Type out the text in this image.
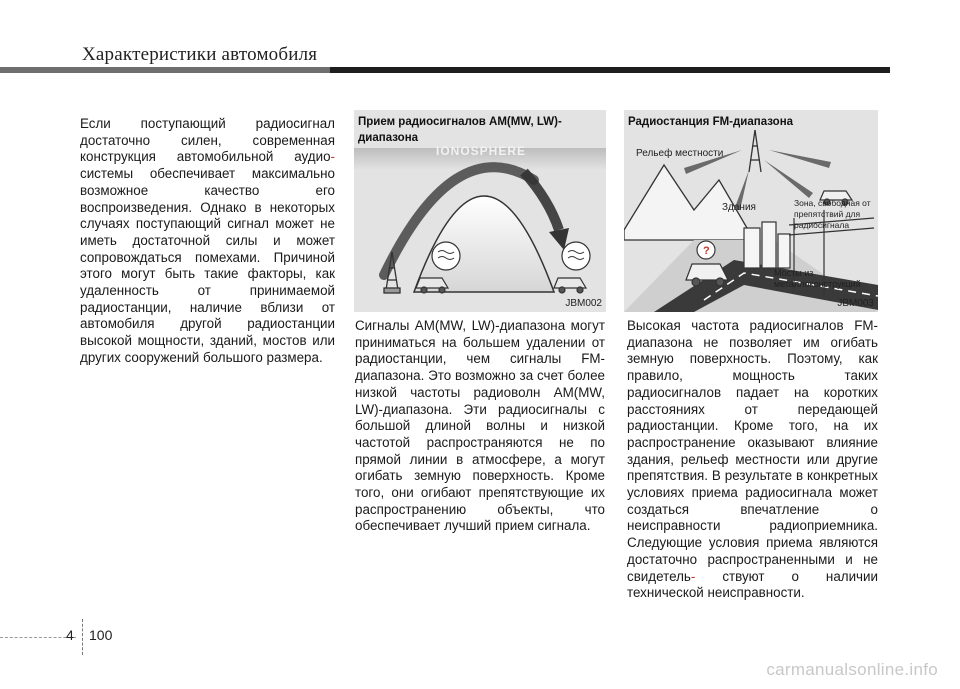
Характеристики автомобиля
Если поступающий радиосигнал достаточно силен, современная конструкция автомобильной аудио- системы обеспечивает максимально возможное качество его воспроизведения. Однако в некоторых случаях поступающий сигнал может не иметь достаточной силы и может сопровождаться помехами. Причиной этого могут быть такие факторы, как удаленность от принимаемой радиостанции, наличие вблизи от автомобиля другой радиостанции высокой мощности, зданий, мостов или других сооружений большого размера.
Прием радиосигналов AM(MW, LW)-диапазона
IONOSPHERE
JBM002
Сигналы AM(MW, LW)-диапазона могут приниматься на большем удалении от радиостанции, чем сигналы FM-диапазона. Это возможно за счет более низкой частоты радиоволн AM(MW, LW)-диапазона. Эти радиосигналы с большой длиной волны и низкой частотой распространяются не по прямой линии в атмосфере, а могут огибать земную поверхность. Кроме того, они огибают препятствующие их распространению объекты, что обеспечивает лучший прием сигнала.
Радиостанция FM-диапазона
?
Рельеф местности
Здания	Зона, свободная от препятствий для радиосигнала
Мосты из металлоконструкций
JBM003
Высокая частота радиосигналов FM-диапазона не позволяет им огибать земную поверхность. Поэтому, как правило, мощность таких радиосигналов падает на коротких расстояниях от передающей радиостанции. Кроме того, на их распространение оказывают влияние здания, рельеф местности или другие препятствия. В результате в конкретных условиях приема радиосигнала может создаться впечатление о неисправности радиоприемника. Следующие условия приема являются достаточно распространенными и не свидетель- ствуют о наличии технической неисправности.
4 100
carmanualsonline.info
